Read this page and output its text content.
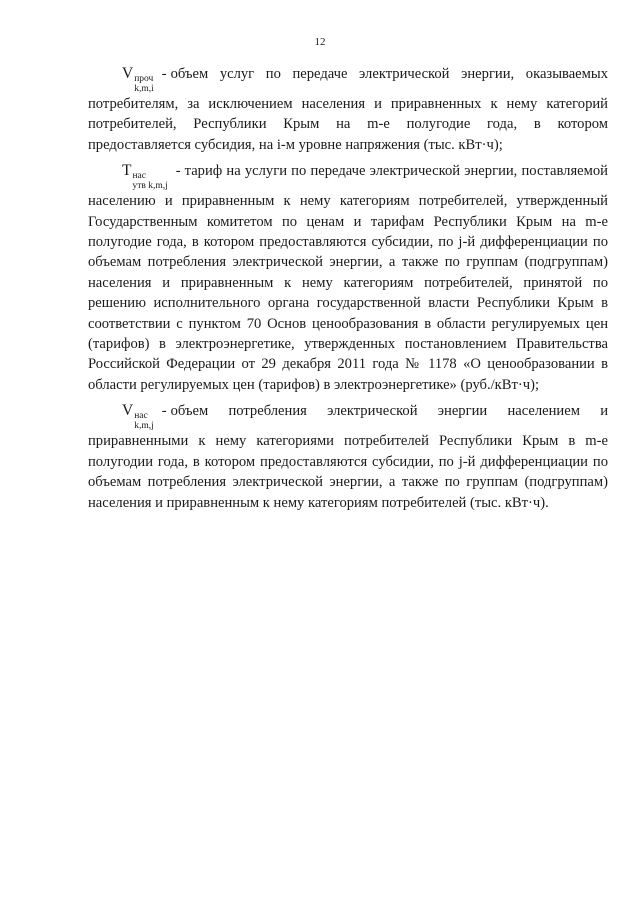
12

V проч
k,m,i
- объем услуг по передаче электрической энергии, оказываемых потребителям, за исключением населения и приравненных к нему категорий потребителей, Республики Крым на m-е полугодие года, в котором предоставляется субсидия, на i-м уровне напряжения (тыс. кВт·ч);

T нас
утв k,m,j
- тариф на услуги по передаче электрической энергии, поставляемой населению и приравненным к нему категориям потребителей, утвержденный Государственным комитетом по ценам и тарифам Республики Крым на m-е полугодие года, в котором предоставляются субсидии, по j-й дифференциации по объемам потребления электрической энергии, а также по группам (подгруппам) населения и приравненным к нему категориям потребителей, принятой по решению исполнительного органа государственной власти Республики Крым в соответствии с пунктом 70 Основ ценообразования в области регулируемых цен (тарифов) в электроэнергетике, утвержденных постановлением Правительства Российской Федерации от 29 декабря 2011 года № 1178 «О ценообразовании в области регулируемых цен (тарифов) в электроэнергетике» (руб./кВт·ч);

V нас
k,m,j
- объем потребления электрической энергии населением и приравненными к нему категориями потребителей Республики Крым в m-е полугодии года, в котором предоставляются субсидии, по j-й дифференциации по объемам потребления электрической энергии, а также по группам (подгруппам) населения и приравненным к нему категориям потребителей (тыс. кВт·ч).
